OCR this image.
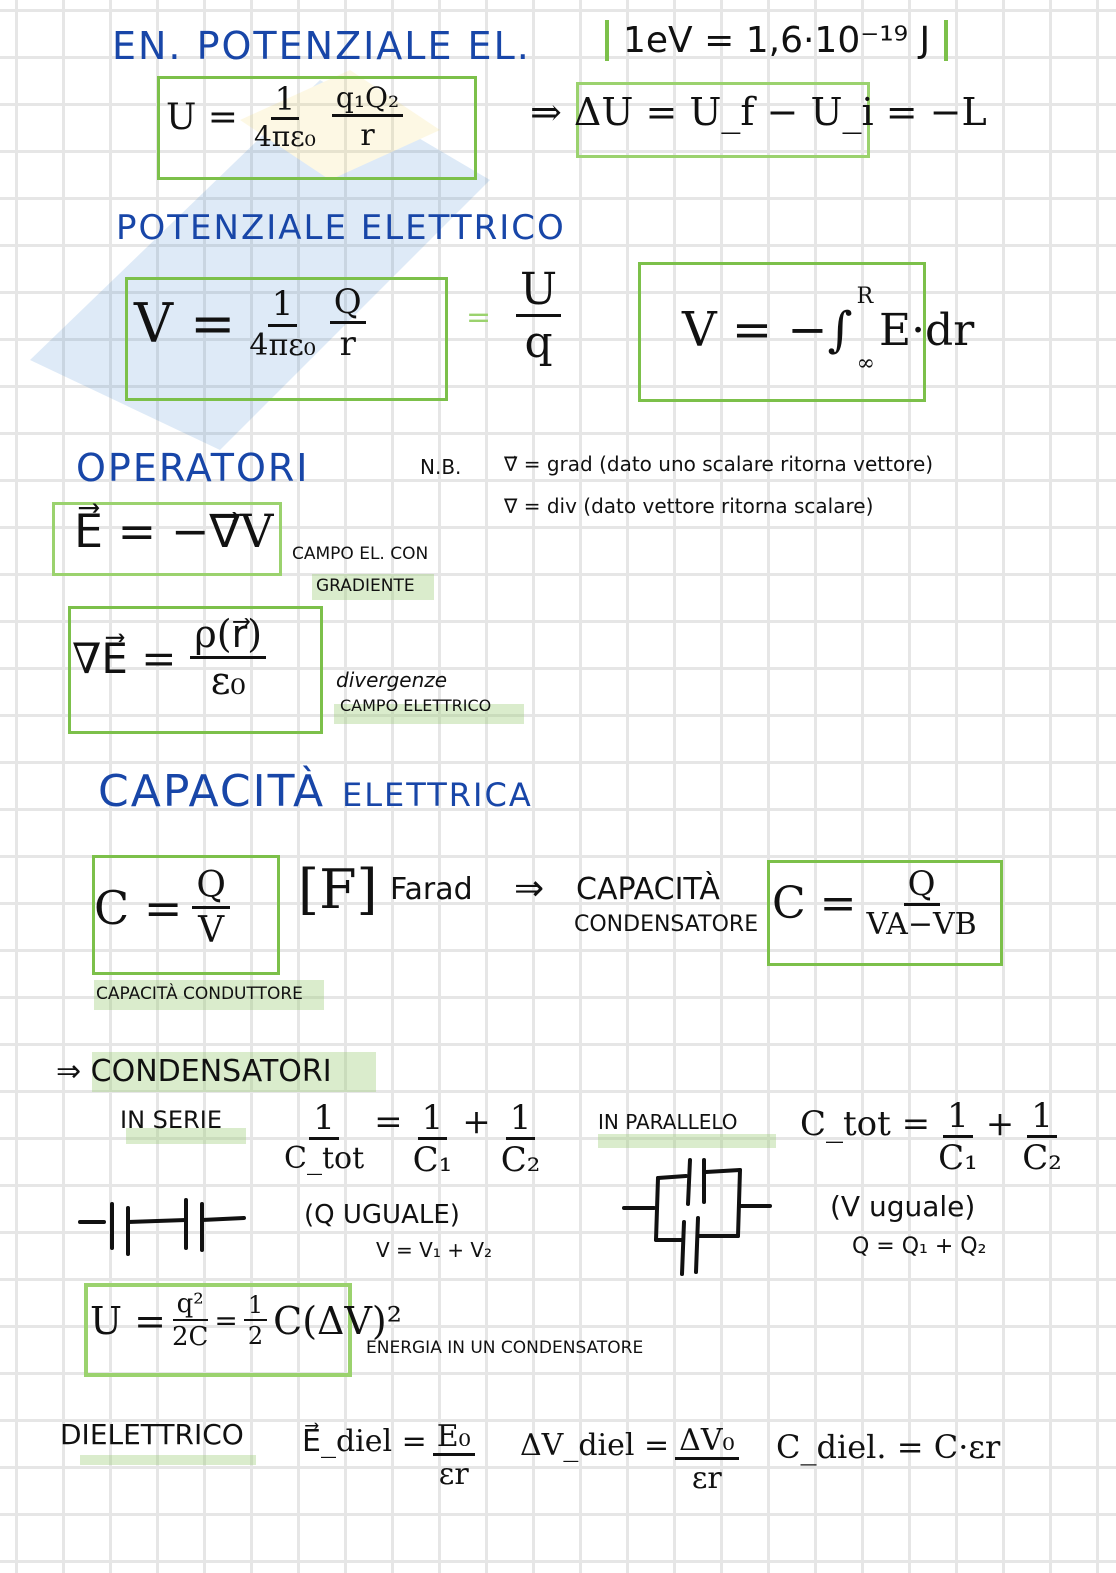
EN. POTENZIALE EL.	1eV = 1,6·10⁻¹⁹ J
$U = \frac{1}{\text{4πε₀}} \frac{\text{q₁Q₂}}{r}$	⇒ ΔU = U_f − U_i = −L
POTENZIALE ELETTRICO
$V = \frac{1}{\text{4πε₀}} \frac{Q}{r}$	= $\frac{U}{q}$	V = −∫
R
∞
E·dr
OPERATORI	N.B. ∇⃗ = grad (dato uno scalare ritorna vettore)
∇ = div (dato vettore ritorna scalare)
E⃗ = −∇⃗V CAMPO EL. CON
GRADIENTE
∇E⃗ = $\frac{\rho(r⃗)}{\text{ε₀}}$	divergenze
CAMPO ELETTRICO
CAPACITÀ ELETTRICA
$C = \frac{Q}{V} [F]$ Farad ⇒ CAPACITÀ
CONDENSATORE $C = \frac{Q}{VA-VB}$
CAPACITÀ CONDUTTORE
⇒ CONDENSATORI
IN SERIE $\frac{1}{\text{C\_tot}} = \frac{1}{\text{C₁}} + \frac{1}{\text{C₂}}$
(Q UGUALE)
V = V₁ + V₂
IN PARALLELO C_tot = $\frac{1}{\text{C₁}} + \frac{1}{\text{C₂}}$
(V uguale)
Q = Q₁ + Q₂
$U = \frac{\text{q²}}{2C} = \frac{1}{2} C(\Delta V)^2$
ENERGIA IN UN CONDENSATORE
DIELETTRICO E⃗_diel = $\frac{\text{E₀}}{\varepsilon r}$ ΔV_diel = $\frac{\text{ΔV₀}}{\varepsilon r}$ C_diel. = C·εr
